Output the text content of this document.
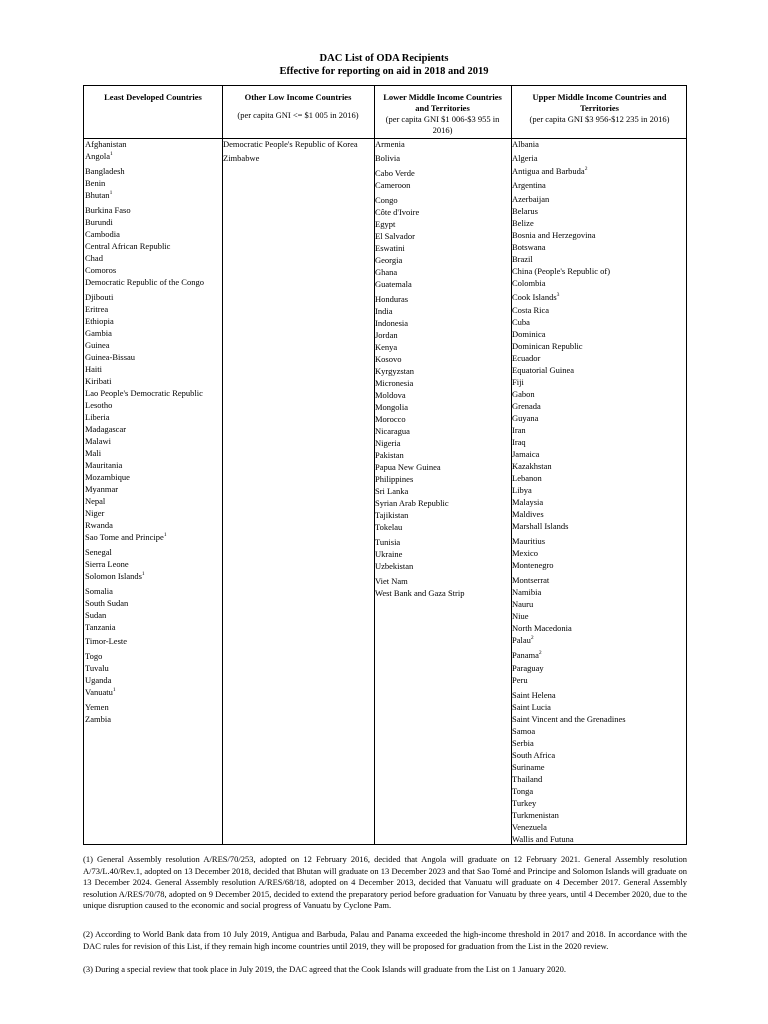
DAC List of ODA Recipients
Effective for reporting on aid in 2018 and 2019
Least Developed Countries	Other Low Income Countries
(per capita GNI <= $1 005 in 2016)
Lower Middle Income Countries and Territories
(per capita GNI $1 006-$3 955 in 2016)
Upper Middle Income Countries and Territories
(per capita GNI $3 956-$12 235 in 2016)
Afghanistan
Angola$^1$
Bangladesh
Benin
Bhutan$^1$
Burkina Faso
Burundi
Cambodia
Central African Republic
Chad
Comoros
Democratic Republic of the Congo
Djibouti
Eritrea
Ethiopia
Gambia
Guinea
Guinea-Bissau
Haiti
Kiribati
Lao People's Democratic Republic
Lesotho
Liberia
Madagascar
Malawi
Mali
Mauritania
Mozambique
Myanmar
Nepal
Niger
Rwanda
Sao Tome and Principe$^1$
Senegal
Sierra Leone
Solomon Islands$^1$
Somalia
South Sudan
Sudan
Tanzania
Timor-Leste
Togo
Tuvalu
Uganda
Vanuatu$^1$
Yemen
Zambia
Democratic People's Republic of Korea
Zimbabwe
Armenia
Bolivia
Cabo Verde
Cameroon
Congo
Côte d'Ivoire
Egypt
El Salvador
Eswatini
Georgia
Ghana
Guatemala
Honduras
India
Indonesia
Jordan
Kenya
Kosovo
Kyrgyzstan
Micronesia
Moldova
Mongolia
Morocco
Nicaragua
Nigeria
Pakistan
Papua New Guinea
Philippines
Sri Lanka
Syrian Arab Republic
Tajikistan
Tokelau
Tunisia
Ukraine
Uzbekistan
Viet Nam
West Bank and Gaza Strip
Albania
Algeria
Antigua and Barbuda$^2$
Argentina
Azerbaijan
Belarus
Belize
Bosnia and Herzegovina
Botswana
Brazil
China (People's Republic of)
Colombia
Cook Islands$^3$
Costa Rica
Cuba
Dominica
Dominican Republic
Ecuador
Equatorial Guinea
Fiji
Gabon
Grenada
Guyana
Iran
Iraq
Jamaica
Kazakhstan
Lebanon
Libya
Malaysia
Maldives
Marshall Islands
Mauritius
Mexico
Montenegro
Montserrat
Namibia
Nauru
Niue
North Macedonia
Palau$^2$
Panama$^2$
Paraguay
Peru
Saint Helena
Saint Lucia
Saint Vincent and the Grenadines
Samoa
Serbia
South Africa
Suriname
Thailand
Tonga
Turkey
Turkmenistan
Venezuela
Wallis and Futuna
(1) General Assembly resolution A/RES/70/253, adopted on 12 February 2016, decided that Angola will graduate on 12 February 2021. General Assembly resolution A/73/L.40/Rev.1, adopted on 13 December 2018, decided that Bhutan will graduate on 13 December 2023 and that Sao Tomé and Principe and Solomon Islands will graduate on 13 December 2024. General Assembly resolution A/RES/68/18, adopted on 4 December 2013, decided that Vanuatu will graduate on 4 December 2017. General Assembly resolution A/RES/70/78, adopted on 9 December 2015, decided to extend the preparatory period before graduation for Vanuatu by three years, until 4 December 2020, due to the unique disruption caused to the economic and social progress of Vanuatu by Cyclone Pam.
(2) According to World Bank data from 10 July 2019, Antigua and Barbuda, Palau and Panama exceeded the high-income threshold in 2017 and 2018. In accordance with the DAC rules for revision of this List, if they remain high income countries until 2019, they will be proposed for graduation from the List in the 2020 review.
(3) During a special review that took place in July 2019, the DAC agreed that the Cook Islands will graduate from the List on 1 January 2020.
